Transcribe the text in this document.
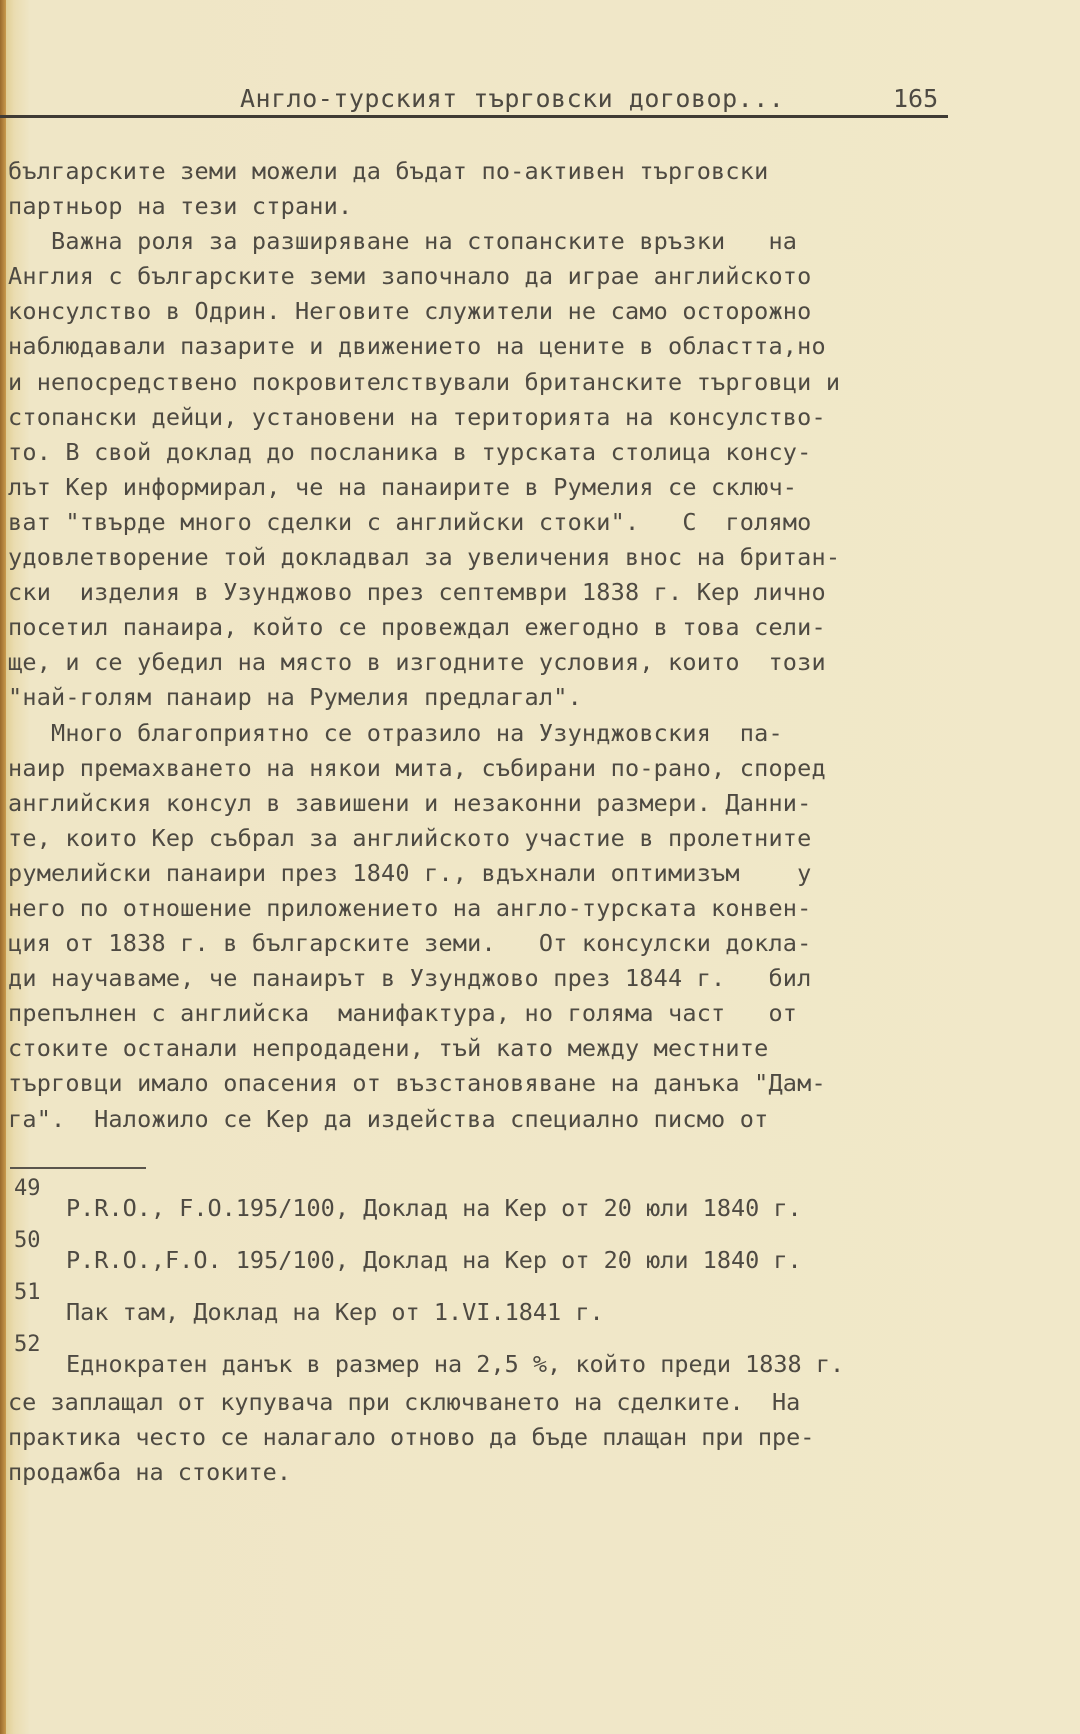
Англо-турският търговски договор...	165
българските земи можели да бъдат по-активен търговски
партньор на тези страни.
Важна роля за разширяване на стопанските връзки   на
Англия с българските земи започнало да играе английското
консулство в Одрин. Неговите служители не само осторожно
наблюдавали пазарите и движението на цените в областта,но
и непосредствено покровителствували британските търговци и
стопански дейци, установени на територията на консулство-
то. В свой доклад до посланика в турската столица консу-
лът Кер информирал, че на панаирите в Румелия се сключ-
ват "твърде много сделки с английски стоки".   С  голямо
удовлетворение той докладвал за увеличения внос на британ-
ски  изделия в Узунджово през септември 1838 г. Кер лично
посетил панаира, който се провеждал ежегодно в това сели-
ще, и се убедил на място в изгодните условия, които  този
"най-голям панаир на Румелия предлагал".
Много благоприятно се отразило на Узунджовския  па-
наир премахването на някои мита, събирани по-рано, според
английския консул в завишени и незаконни размери. Данни-
те, които Кер събрал за английското участие в пролетните
румелийски панаири през 1840 г., вдъхнали оптимизъм    у
него по отношение приложението на англо-турската конвен-
ция от 1838 г. в българските земи.   От консулски докла-
ди научаваме, че панаирът в Узунджово през 1844 г.   бил
препълнен с английска  манифактура, но голяма част   от
стоките останали непродадени, тъй като между местните
търговци имало опасения от възстановяване на данъка "Дам-
га".  Наложило се Кер да издейства специално писмо от
49
P.R.O., F.O.195/100, Доклад на Кер от 20 юли 1840 г.
50
P.R.O.,F.O. 195/100, Доклад на Кер от 20 юли 1840 г.
51
Пак там, Доклад на Кер от 1.VI.1841 г.
52
Еднократен данък в размер на 2,5 %, който преди 1838 г.
се заплащал от купувача при сключването на сделките.  На
практика често се налагало отново да бъде плащан при пре-
продажба на стоките.
